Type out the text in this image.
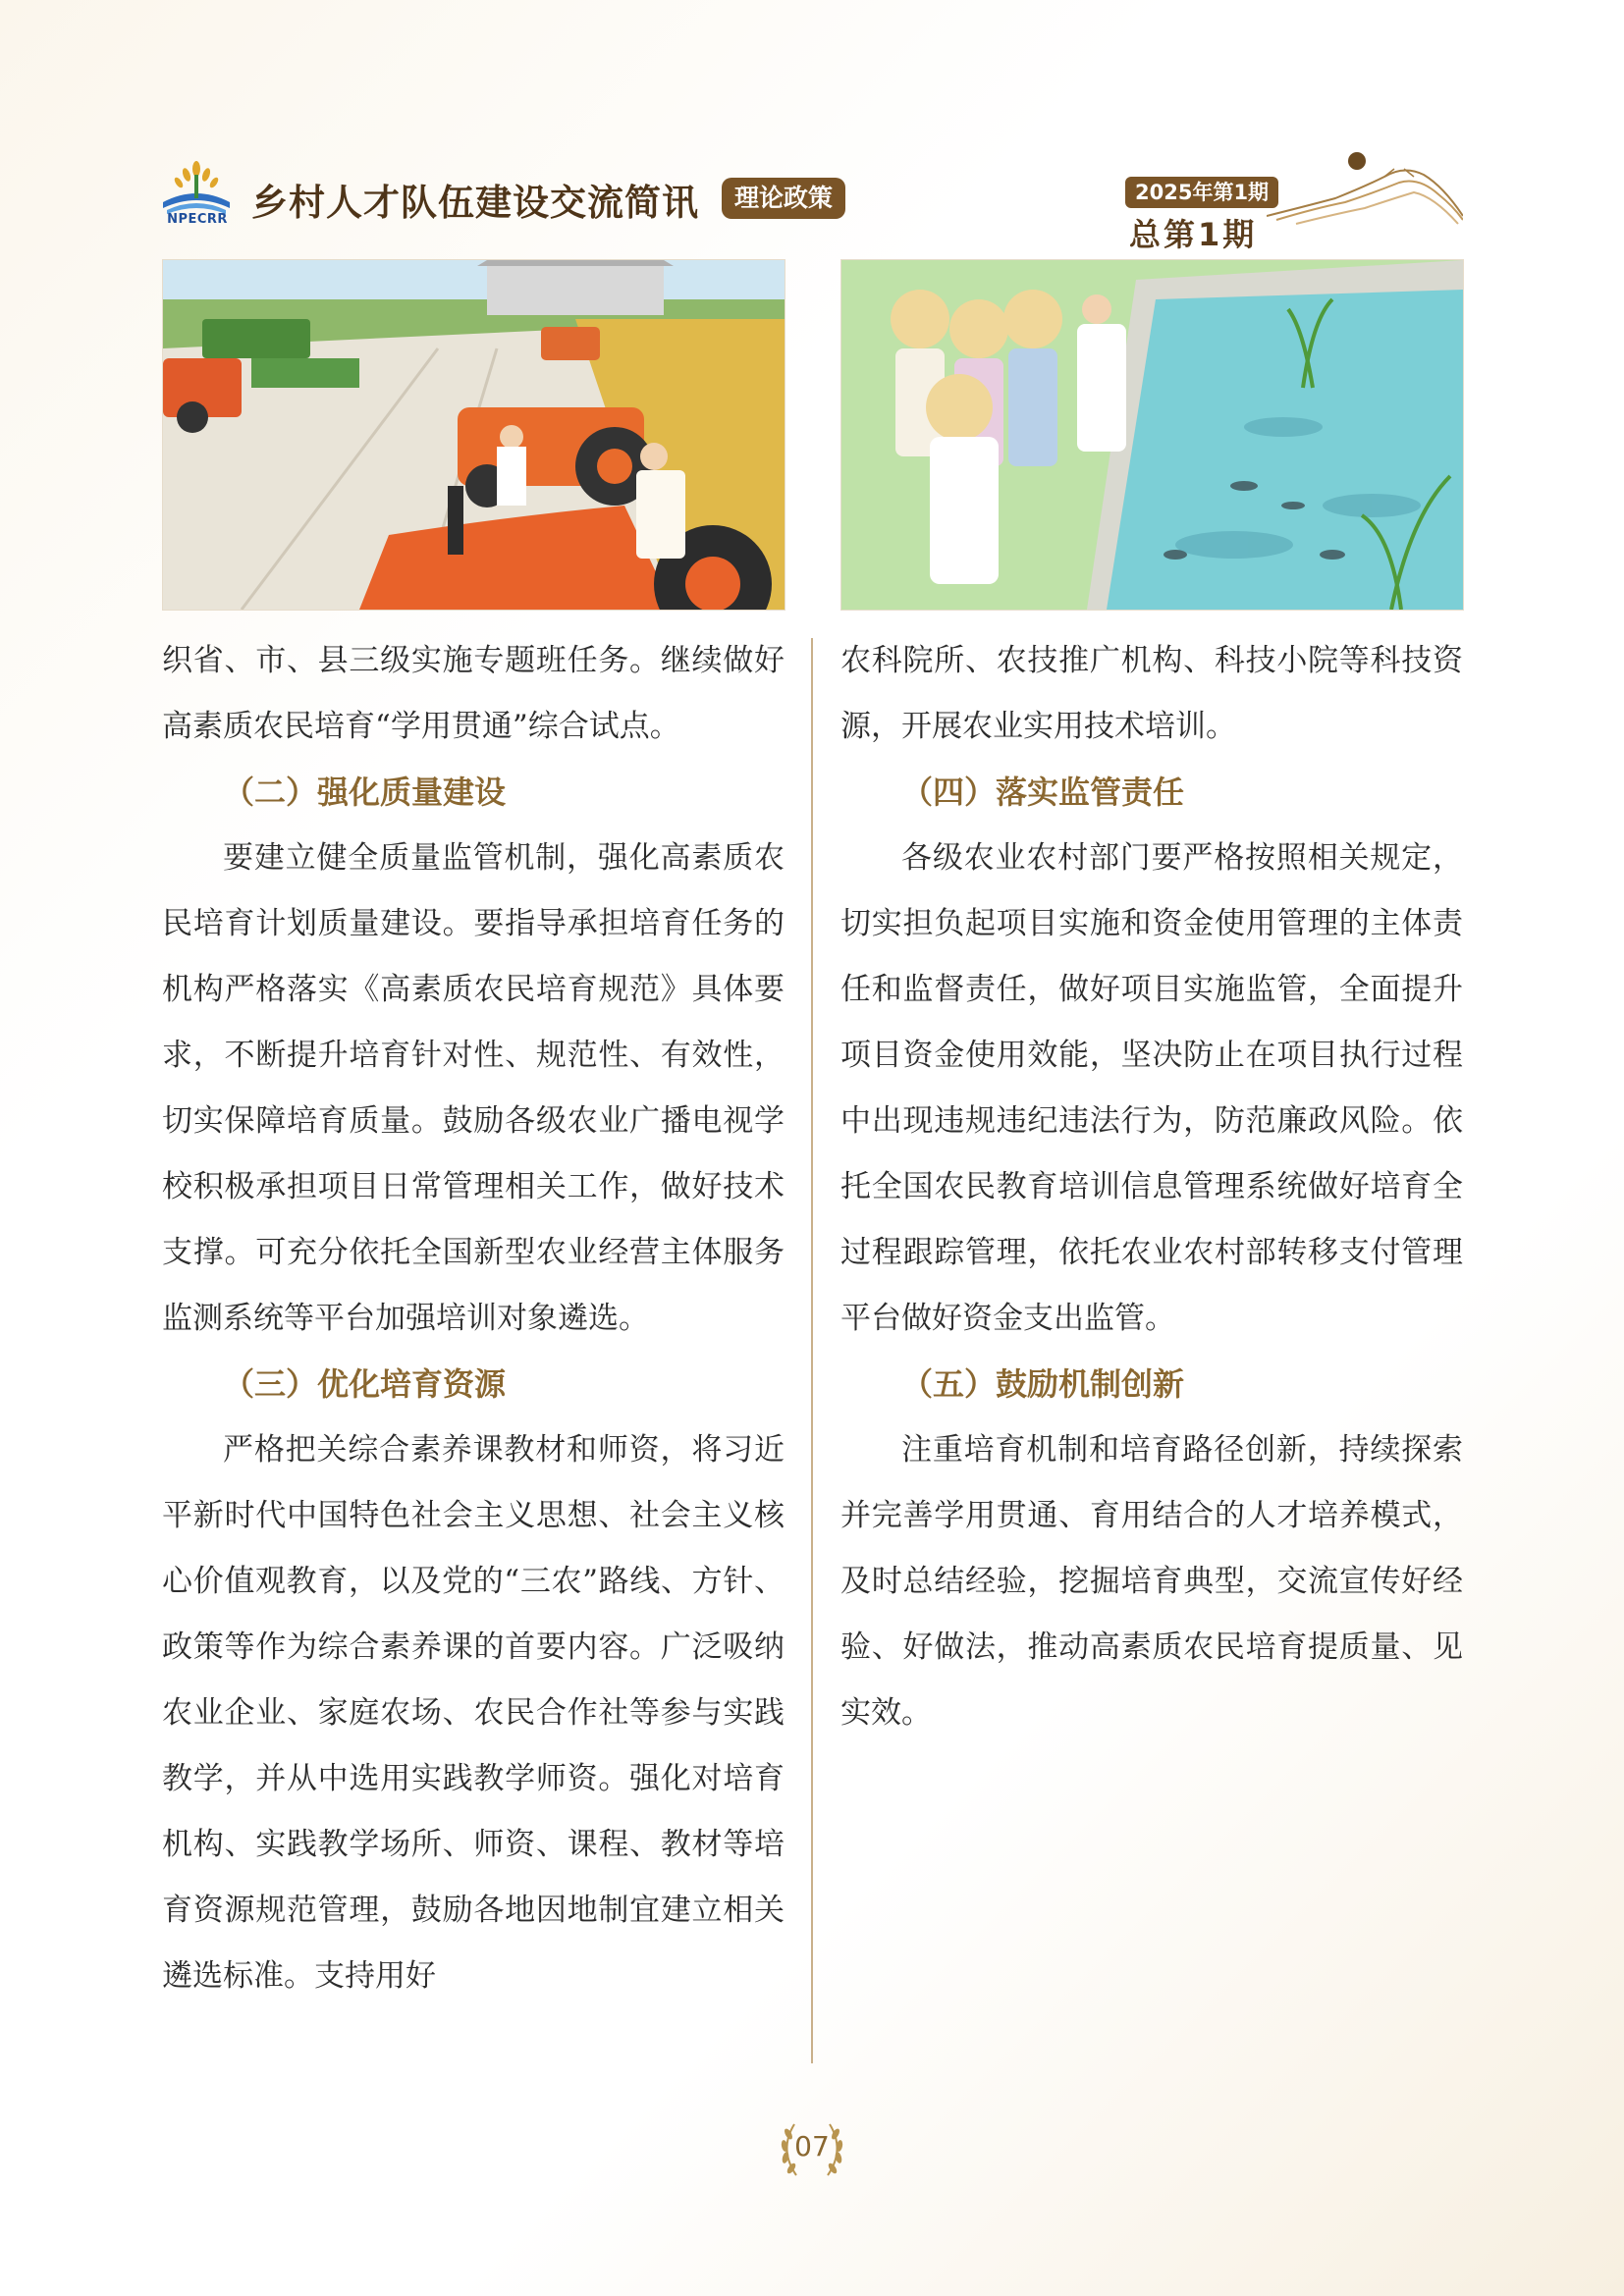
NPECRR 乡村人才队伍建设交流简讯	理论政策	2025年第1期
总第1期

织省、市、县三级实施专题班任务。继续做好高素质农民培育“学用贯通”综合试点。

（二）强化质量建设

要建立健全质量监管机制，强化高素质农民培育计划质量建设。要指导承担培育任务的机构严格落实《高素质农民培育规范》具体要求，不断提升培育针对性、规范性、有效性，切实保障培育质量。鼓励各级农业广播电视学校积极承担项目日常管理相关工作，做好技术支撑。可充分依托全国新型农业经营主体服务监测系统等平台加强培训对象遴选。

（三）优化培育资源

严格把关综合素养课教材和师资，将习近平新时代中国特色社会主义思想、社会主义核心价值观教育，以及党的“三农”路线、方针、政策等作为综合素养课的首要内容。广泛吸纳农业企业、家庭农场、农民合作社等参与实践教学，并从中选用实践教学师资。强化对培育机构、实践教学场所、师资、课程、教材等培育资源规范管理，鼓励各地因地制宜建立相关遴选标准。支持用好

农科院所、农技推广机构、科技小院等科技资源，开展农业实用技术培训。

（四）落实监管责任

各级农业农村部门要严格按照相关规定，切实担负起项目实施和资金使用管理的主体责任和监督责任，做好项目实施监管，全面提升项目资金使用效能，坚决防止在项目执行过程中出现违规违纪违法行为，防范廉政风险。依托全国农民教育培训信息管理系统做好培育全过程跟踪管理，依托农业农村部转移支付管理平台做好资金支出监管。

（五）鼓励机制创新

注重培育机制和培育路径创新，持续探索并完善学用贯通、育用结合的人才培养模式，及时总结经验，挖掘培育典型，交流宣传好经验、好做法，推动高素质农民培育提质量、见实效。

07
